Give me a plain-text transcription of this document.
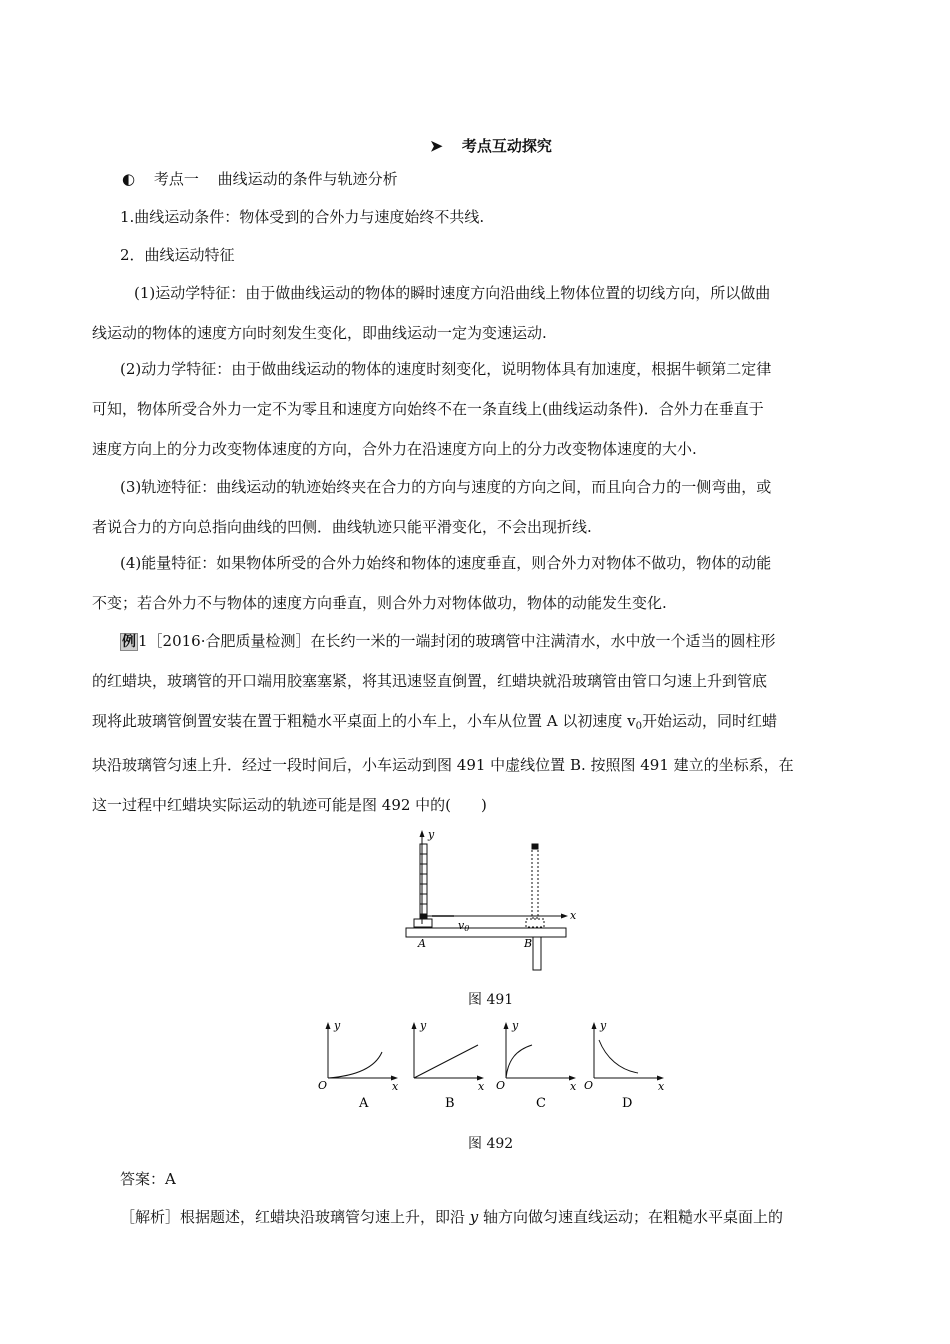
➤ 考点互动探究
◐ 考点一 曲线运动的条件与轨迹分析
1.曲线运动条件：物体受到的合外力与速度始终不共线.
2．曲线运动特征
(1)运动学特征：由于做曲线运动的物体的瞬时速度方向沿曲线上物体位置的切线方向，所以做曲
线运动的物体的速度方向时刻发生变化，即曲线运动一定为变速运动.
(2)动力学特征：由于做曲线运动的物体的速度时刻变化，说明物体具有加速度，根据牛顿第二定律
可知，物体所受合外力一定不为零且和速度方向始终不在一条直线上(曲线运动条件)．合外力在垂直于
速度方向上的分力改变物体速度的方向，合外力在沿速度方向上的分力改变物体速度的大小.
(3)轨迹特征：曲线运动的轨迹始终夹在合力的方向与速度的方向之间，而且向合力的一侧弯曲，或
者说合力的方向总指向曲线的凹侧．曲线轨迹只能平滑变化，不会出现折线.
(4)能量特征：如果物体所受的合外力始终和物体的速度垂直，则合外力对物体不做功，物体的动能
不变；若合外力不与物体的速度方向垂直，则合外力对物体做功，物体的动能发生变化.
例 1［2016·合肥质量检测］在长约一米的一端封闭的玻璃管中注满清水，水中放一个适当的圆柱形
的红蜡块，玻璃管的开口端用胶塞塞紧，将其迅速竖直倒置，红蜡块就沿玻璃管由管口匀速上升到管底
现将此玻璃管倒置安装在置于粗糙水平桌面上的小车上，小车从位置 A 以初速度 $v_0$开始运动，同时红蜡
块沿玻璃管匀速上升．经过一段时间后，小车运动到图 491 中虚线位置 B. 按照图 491 建立的坐标系，在
这一过程中红蜡块实际运动的轨迹可能是图 492 中的(　　)
y
x
v0
A	B
图 491
y
x
O
A
y
x
B
y
x
O
C
y
x
O
D
图 492
答案：A
［解析］根据题述，红蜡块沿玻璃管匀速上升，即沿 y 轴方向做匀速直线运动；在粗糙水平桌面上的
